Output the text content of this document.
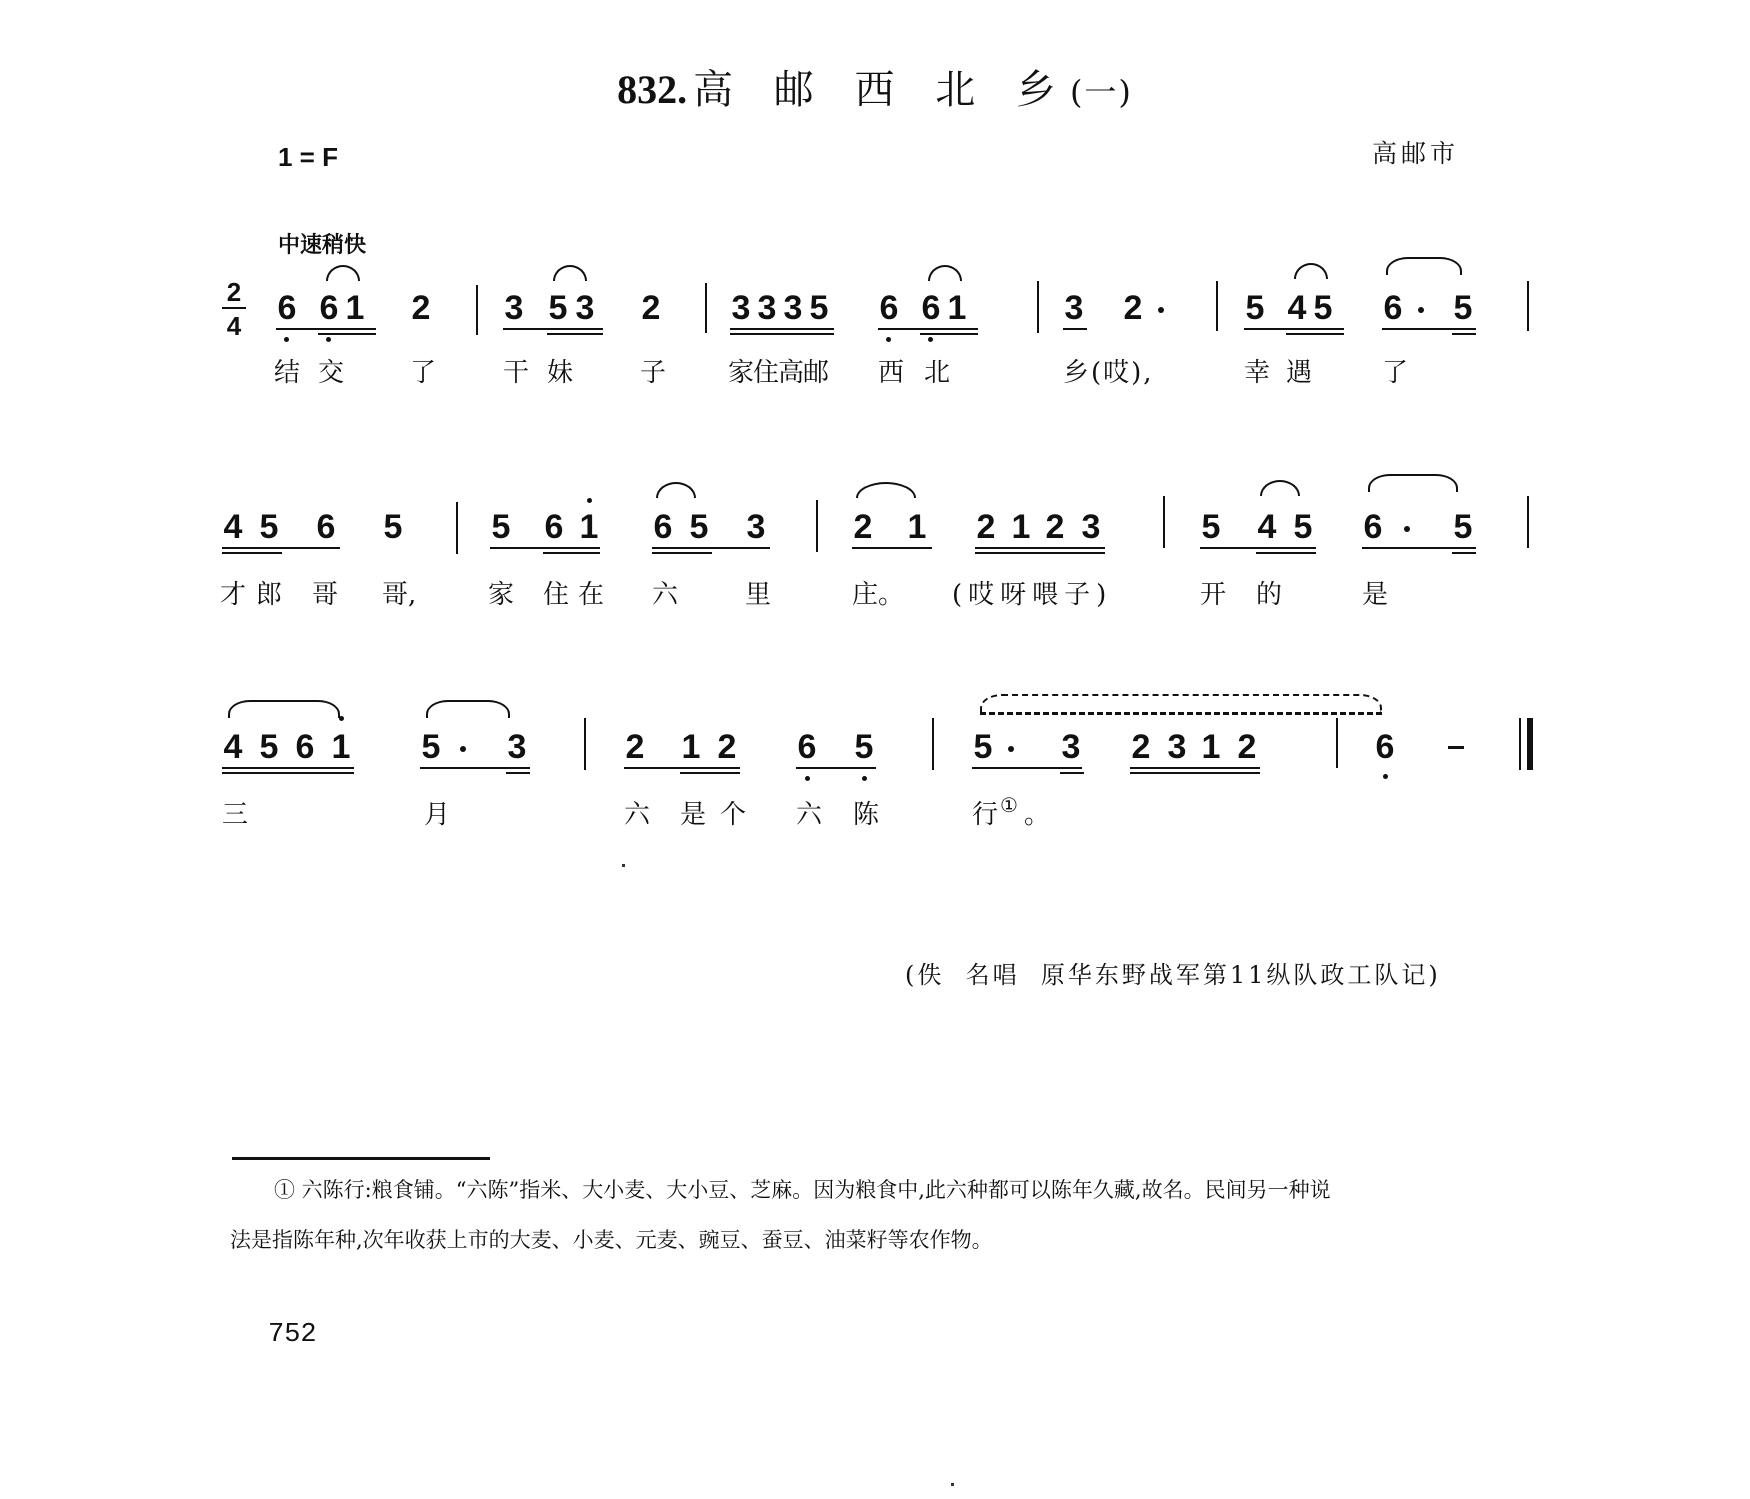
832. 高 邮 西 北 乡(一)
1 = F	高邮市
中速稍快
2
4 6 6 1 2 3 5 3 2 3 3 3 5 6 6 1	3 2	5 4 5 6 5
结 交	了	干 妹	子 家住高邮 西 北	乡(哎),	幸 遇	了
4 5 6 5	5 6 1 6 5 3	2 1 2 1 2 3	5 4 5 6 5
才 郎 哥 哥,	家 住 在 六	里	庄。 (哎呀喂子)	开 的	是
4 5 6 1 5 3	2 1 2 6 5	5 3 2 3 1 2	6
三	月	六 是 个 六 陈	行 ① 。
(佚  名唱  原华东野战军第11纵队政工队记)
① 六陈行:粮食铺。“六陈”指米、大小麦、大小豆、芝麻。因为粮食中,此六种都可以陈年久藏,故名。民间另一种说
法是指陈年种,次年收获上市的大麦、小麦、元麦、豌豆、蚕豆、油菜籽等农作物。
752
